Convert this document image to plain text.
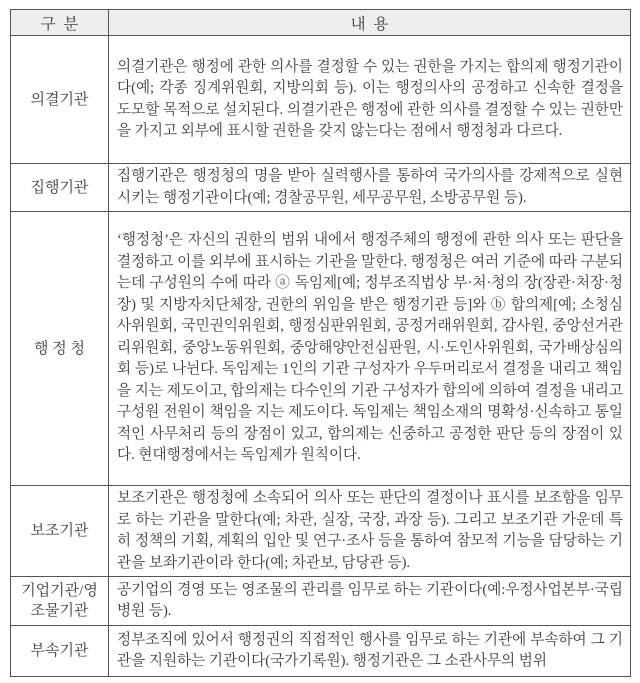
구  분	내  용
의결기관	의결기관은 행정에 관한 의사를 결정할 수 있는 권한을 가지는 합의제 행정기관이다(예; 각종 징계위원회, 지방의회 등). 이는 행정의사의 공정하고 신속한 결정을 도모할 목적으로 설치된다. 의결기관은 행정에 관한 의사를 결정할 수 있는 권한만을 가지고 외부에 표시할 권한을 갖지 않는다는 점에서 행정청과 다르다.
집행기관	집행기관은 행정청의 명을 받아 실력행사를 통하여 국가의사를 강제적으로 실현시키는 행정기관이다(예; 경찰공무원, 세무공무원, 소방공무원 등).
행 정 청	‘행정청’은 자신의 권한의 범위 내에서 행정주체의 행정에 관한 의사 또는 판단을 결정하고 이를 외부에 표시하는 기관을 말한다. 행정청은 여러 기준에 따라 구분되는데 구성원의 수에 따라 ⓐ 독임제[예; 정부조직법상 부·처·청의 장(장관·처장·청장) 및 지방자치단체장, 권한의 위임을 받은 행정기관 등]와 ⓑ 합의제[예; 소청심사위원회, 국민권익위원회, 행정심판위원회, 공정거래위원회, 감사원, 중앙선거관리위원회, 중앙노동위원회, 중앙해양안전심판원, 시·도인사위원회, 국가배상심의회 등)로 나뉜다. 독임제는 1인의 기관 구성자가 우두머리로서 결정을 내리고 책임을 지는 제도이고, 합의제는 다수인의 기관 구성자가 합의에 의하여 결정을 내리고 구성원 전원이 책임을 지는 제도이다. 독임제는 책임소재의 명확성·신속하고 통일적인 사무처리 등의 장점이 있고, 합의제는 신중하고 공정한 판단 등의 장점이 있다. 현대행정에서는 독임제가 원칙이다.
보조기관	보조기관은 행정청에 소속되어 의사 또는 판단의 결정이나 표시를 보조함을 임무로 하는 기관을 말한다(예; 차관, 실장, 국장, 과장 등). 그리고 보조기관 가운데 특히 정책의 기획, 계획의 입안 및 연구·조사 등을 통하여 참모적 기능을 담당하는 기관을 보좌기관이라 한다(예; 차관보, 담당관 등).
기업기관/영조물기관	공기업의 경영 또는 영조물의 관리를 임무로 하는 기관이다(예:우정사업본부·국립병원 등).
부속기관	정부조직에 있어서 행정권의 직접적인 행사를 임무로 하는 기관에 부속하여 그 기관을 지원하는 기관이다(국가기록원). 행정기관은 그 소관사무의 범위
